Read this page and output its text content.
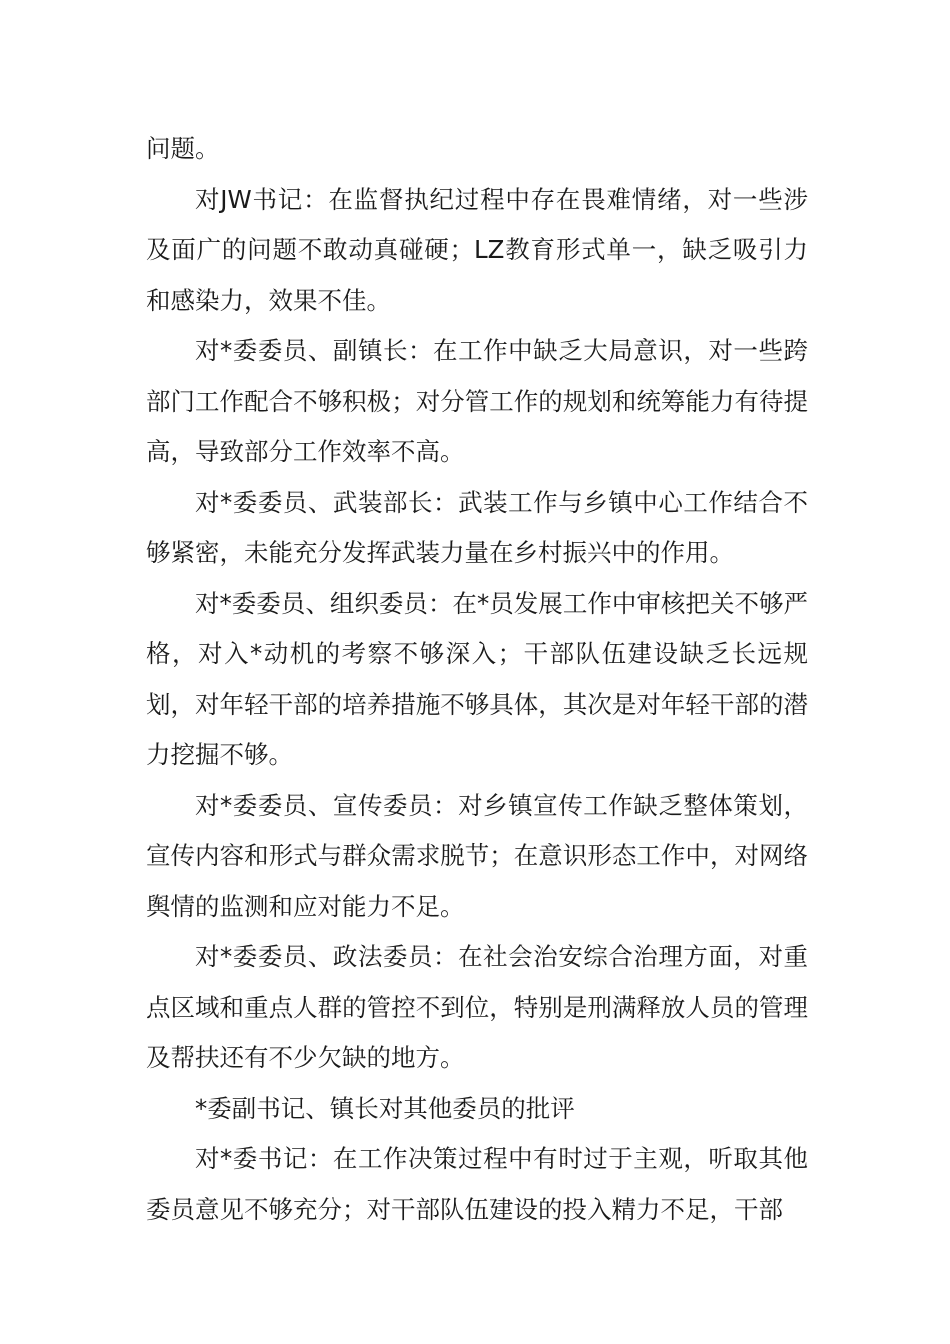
问题。

对JW书记：在监督执纪过程中存在畏难情绪，对一些涉及面广的问题不敢动真碰硬；LZ教育形式单一，缺乏吸引力和感染力，效果不佳。

对*委委员、副镇长：在工作中缺乏大局意识，对一些跨部门工作配合不够积极；对分管工作的规划和统筹能力有待提高，导致部分工作效率不高。

对*委委员、武装部长：武装工作与乡镇中心工作结合不够紧密，未能充分发挥武装力量在乡村振兴中的作用。

对*委委员、组织委员：在*员发展工作中审核把关不够严格，对入*动机的考察不够深入；干部队伍建设缺乏长远规划，对年轻干部的培养措施不够具体，其次是对年轻干部的潜力挖掘不够。

对*委委员、宣传委员：对乡镇宣传工作缺乏整体策划，宣传内容和形式与群众需求脱节；在意识形态工作中，对网络舆情的监测和应对能力不足。

对*委委员、政法委员：在社会治安综合治理方面，对重点区域和重点人群的管控不到位，特别是刑满释放人员的管理及帮扶还有不少欠缺的地方。

*委副书记、镇长对其他委员的批评

对*委书记：在工作决策过程中有时过于主观，听取其他委员意见不够充分；对干部队伍建设的投入精力不足，干部
